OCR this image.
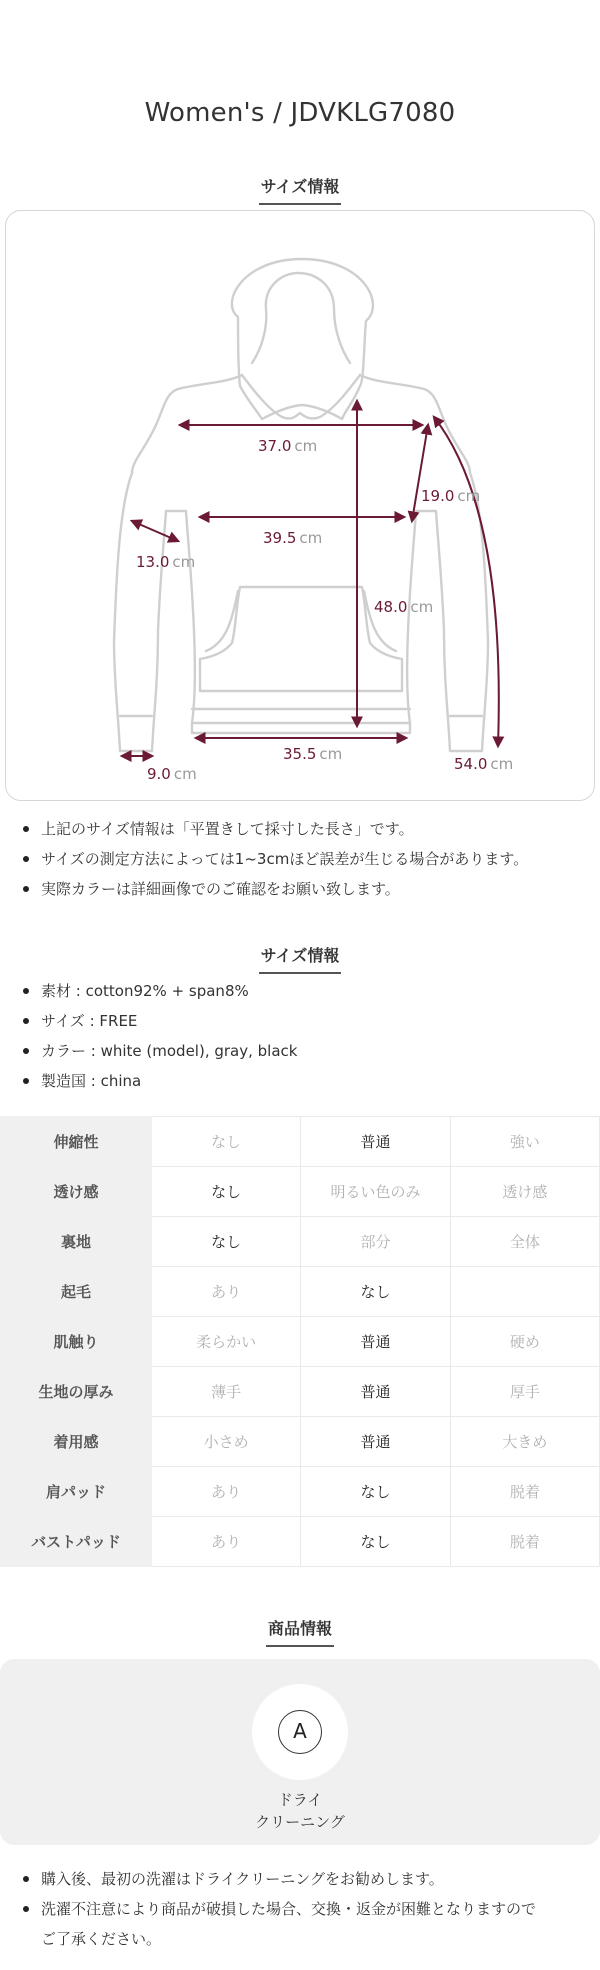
Women's / JDVKLG7080
サイズ情報
37.0 cm
19.0 cm
39.5 cm
13.0 cm
48.0 cm
35.5 cm
9.0 cm
54.0 cm
上記のサイズ情報は「平置きして採寸した長さ」です。
サイズの測定方法によっては1~3cmほど誤差が生じる場合があります。
実際カラーは詳細画像でのご確認をお願い致します。
サイズ情報
素材 : cotton92% + span8%
サイズ : FREE
カラー : white (model), gray, black
製造国 : china
伸縮性	なし	普通	強い
透け感	なし	明るい色のみ	透け感
裏地	なし	部分	全体
起毛	あり	なし	
肌触り	柔らかい	普通	硬め
生地の厚み	薄手	普通	厚手
着用感	小さめ	普通	大きめ
肩パッド	あり	なし	脱着
バストパッド	あり	なし	脱着
商品情報
A
ドライ
クリーニング
購入後、最初の洗濯はドライクリーニングをお勧めします。
洗濯不注意により商品が破損した場合、交換・返金が困難となりますので
ご了承ください。
